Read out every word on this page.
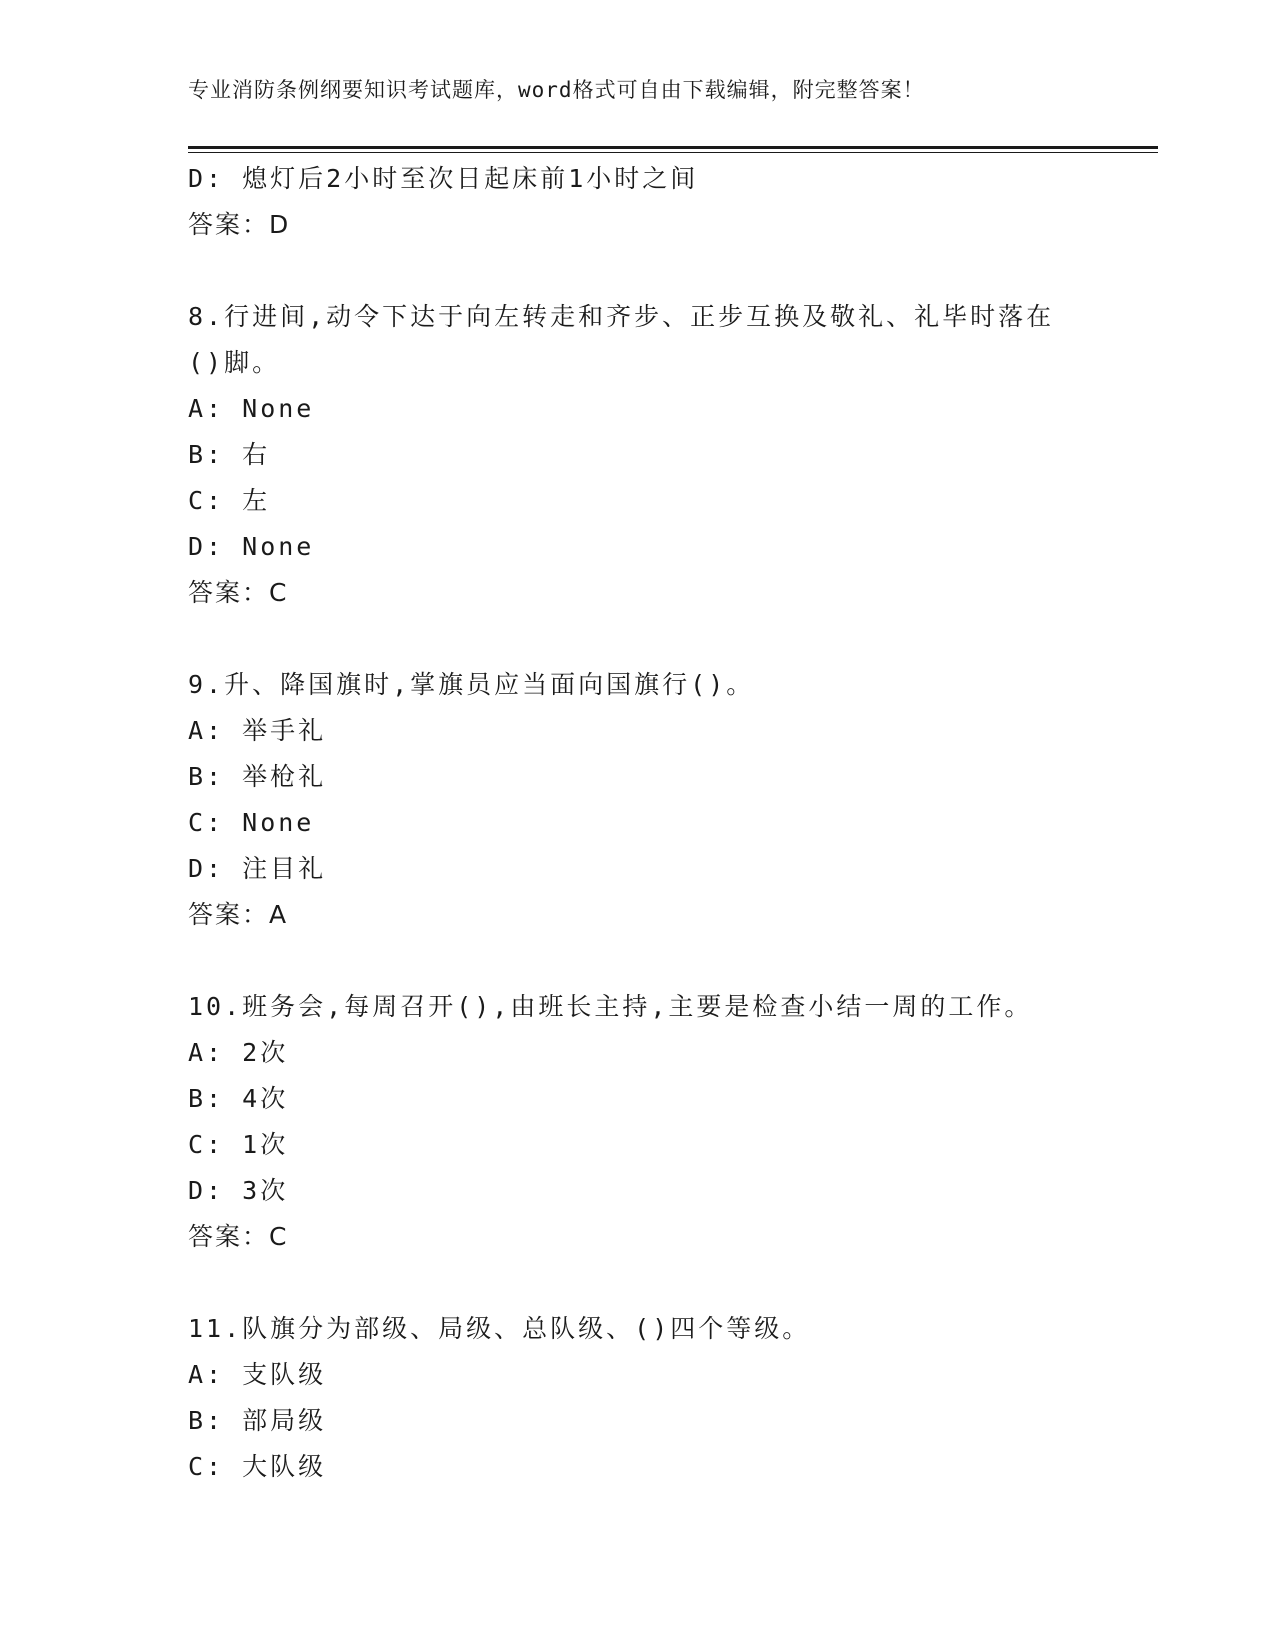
专业消防条例纲要知识考试题库，word格式可自由下载编辑，附完整答案！
D: 熄灯后2小时至次日起床前1小时之间
答案：D
8.行进间,动令下达于向左转走和齐步、正步互换及敬礼、礼毕时落在
()脚。
A: None
B: 右
C: 左
D: None
答案：C
9.升、降国旗时,掌旗员应当面向国旗行()。
A: 举手礼
B: 举枪礼
C: None
D: 注目礼
答案：A
10.班务会,每周召开(),由班长主持,主要是检查小结一周的工作。
A: 2次
B: 4次
C: 1次
D: 3次
答案：C
11.队旗分为部级、局级、总队级、()四个等级。
A: 支队级
B: 部局级
C: 大队级
